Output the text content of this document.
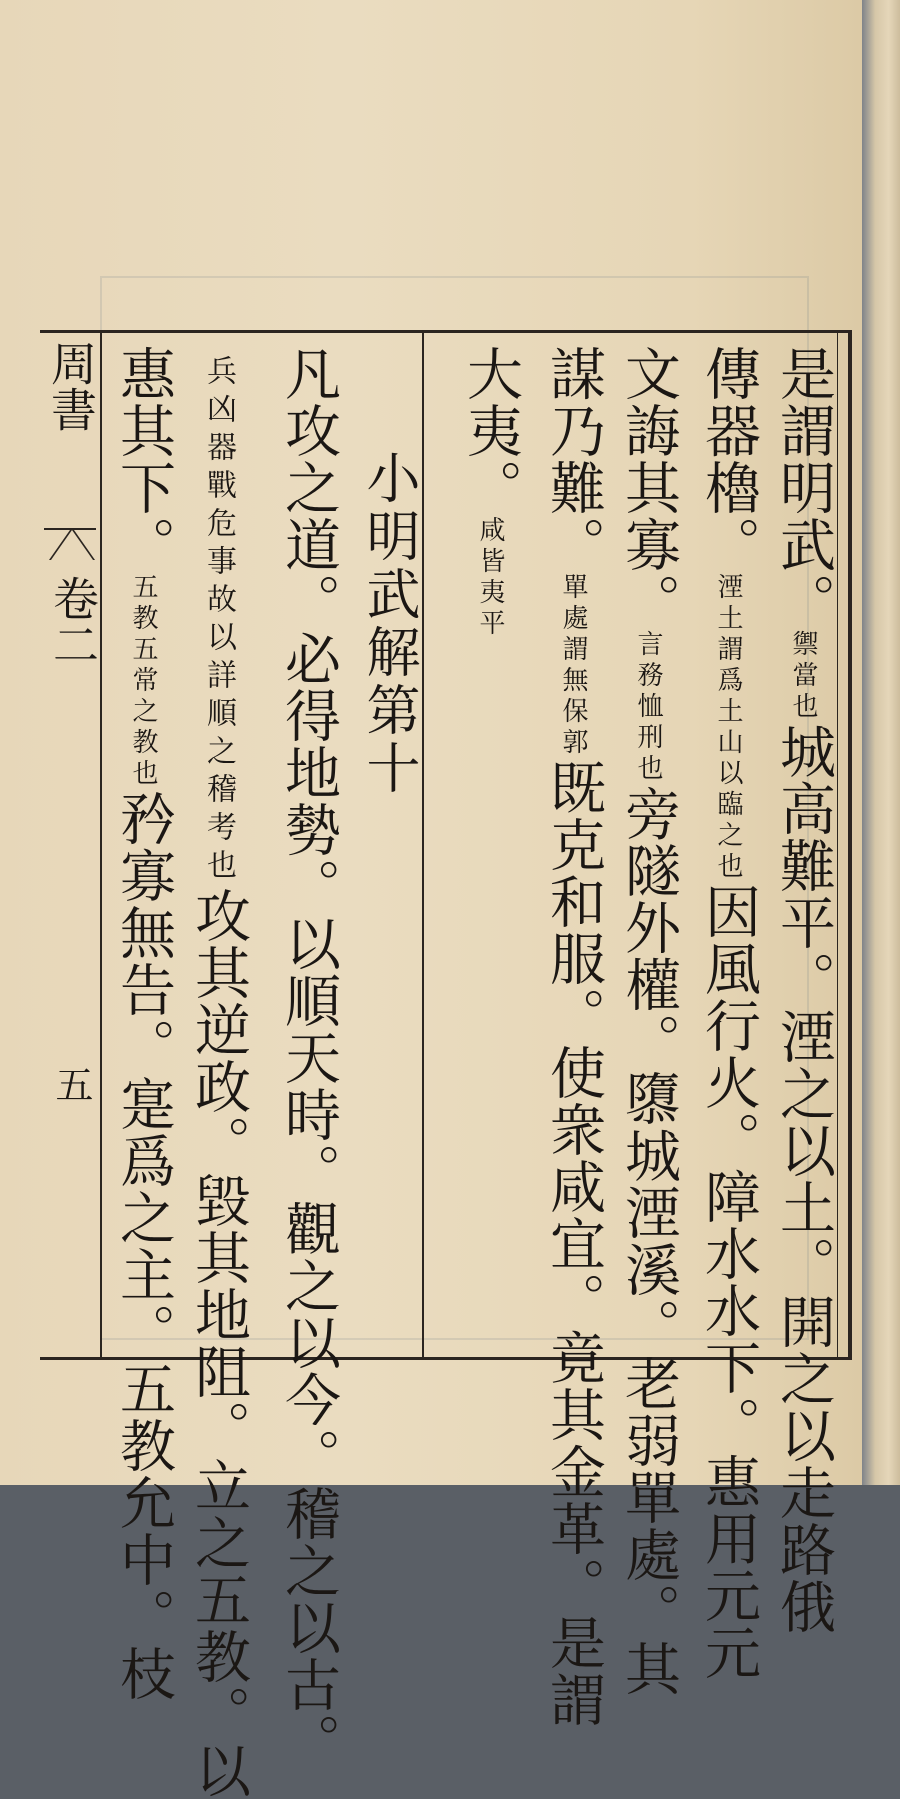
是謂明武。禦當也城高難平。湮之以土。開之以走路俄
傳器櫓。湮土謂爲土山以臨之也因風行火。障水水下。惠用元元
文誨其寡。言務恤刑也旁隧外權。隳城湮溪。老弱單處。其
謀乃難。單處謂無保郭既克和服。使衆咸宜。竟其金革。是謂
大夷。咸皆夷平
小明武解第十
凡攻之道。必得地勢。以順天時。觀之以今。稽之以古。
兵凶器戰危事故以詳順之稽考也攻其逆政。毀其地阻。立之五教。以
惠其下。五教五常之教也矜寡無告。寔爲之主。五教允中。枝
周書
卷二
五
